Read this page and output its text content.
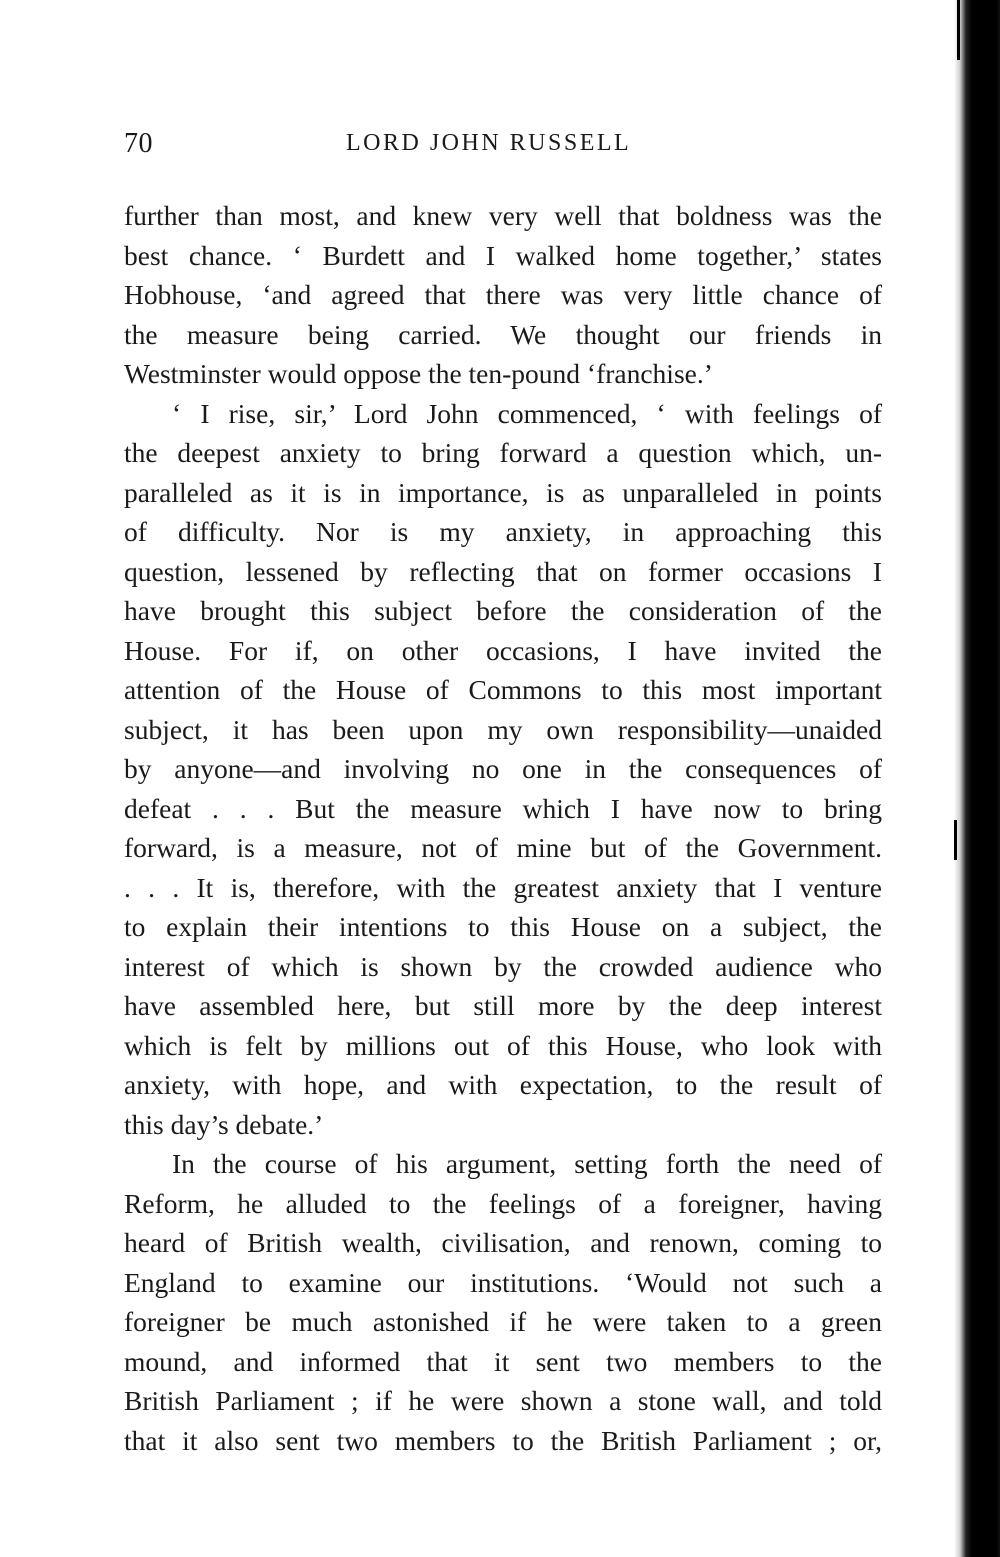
70	LORD JOHN RUSSELL
further than most, and knew very well that boldness was the
best chance. ‘ Burdett and I walked home together,’ states
Hobhouse, ‘and agreed that there was very little chance of
the measure being carried. We thought our friends in
Westminster would oppose the ten-pound ‘franchise.’
‘ I rise, sir,’ Lord John commenced, ‘ with feelings of
the deepest anxiety to bring forward a question which, un-
paralleled as it is in importance, is as unparalleled in points
of difficulty. Nor is my anxiety, in approaching this
question, lessened by reflecting that on former occasions I
have brought this subject before the consideration of the
House. For if, on other occasions, I have invited the
attention of the House of Commons to this most important
subject, it has been upon my own responsibility—unaided
by anyone—and involving no one in the consequences of
defeat . . . But the measure which I have now to bring
forward, is a measure, not of mine but of the Government.
. . . It is, therefore, with the greatest anxiety that I venture
to explain their intentions to this House on a subject, the
interest of which is shown by the crowded audience who
have assembled here, but still more by the deep interest
which is felt by millions out of this House, who look with
anxiety, with hope, and with expectation, to the result of
this day’s debate.’
In the course of his argument, setting forth the need of
Reform, he alluded to the feelings of a foreigner, having
heard of British wealth, civilisation, and renown, coming to
England to examine our institutions. ‘Would not such a
foreigner be much astonished if he were taken to a green
mound, and informed that it sent two members to the
British Parliament ; if he were shown a stone wall, and told
that it also sent two members to the British Parliament ; or,
